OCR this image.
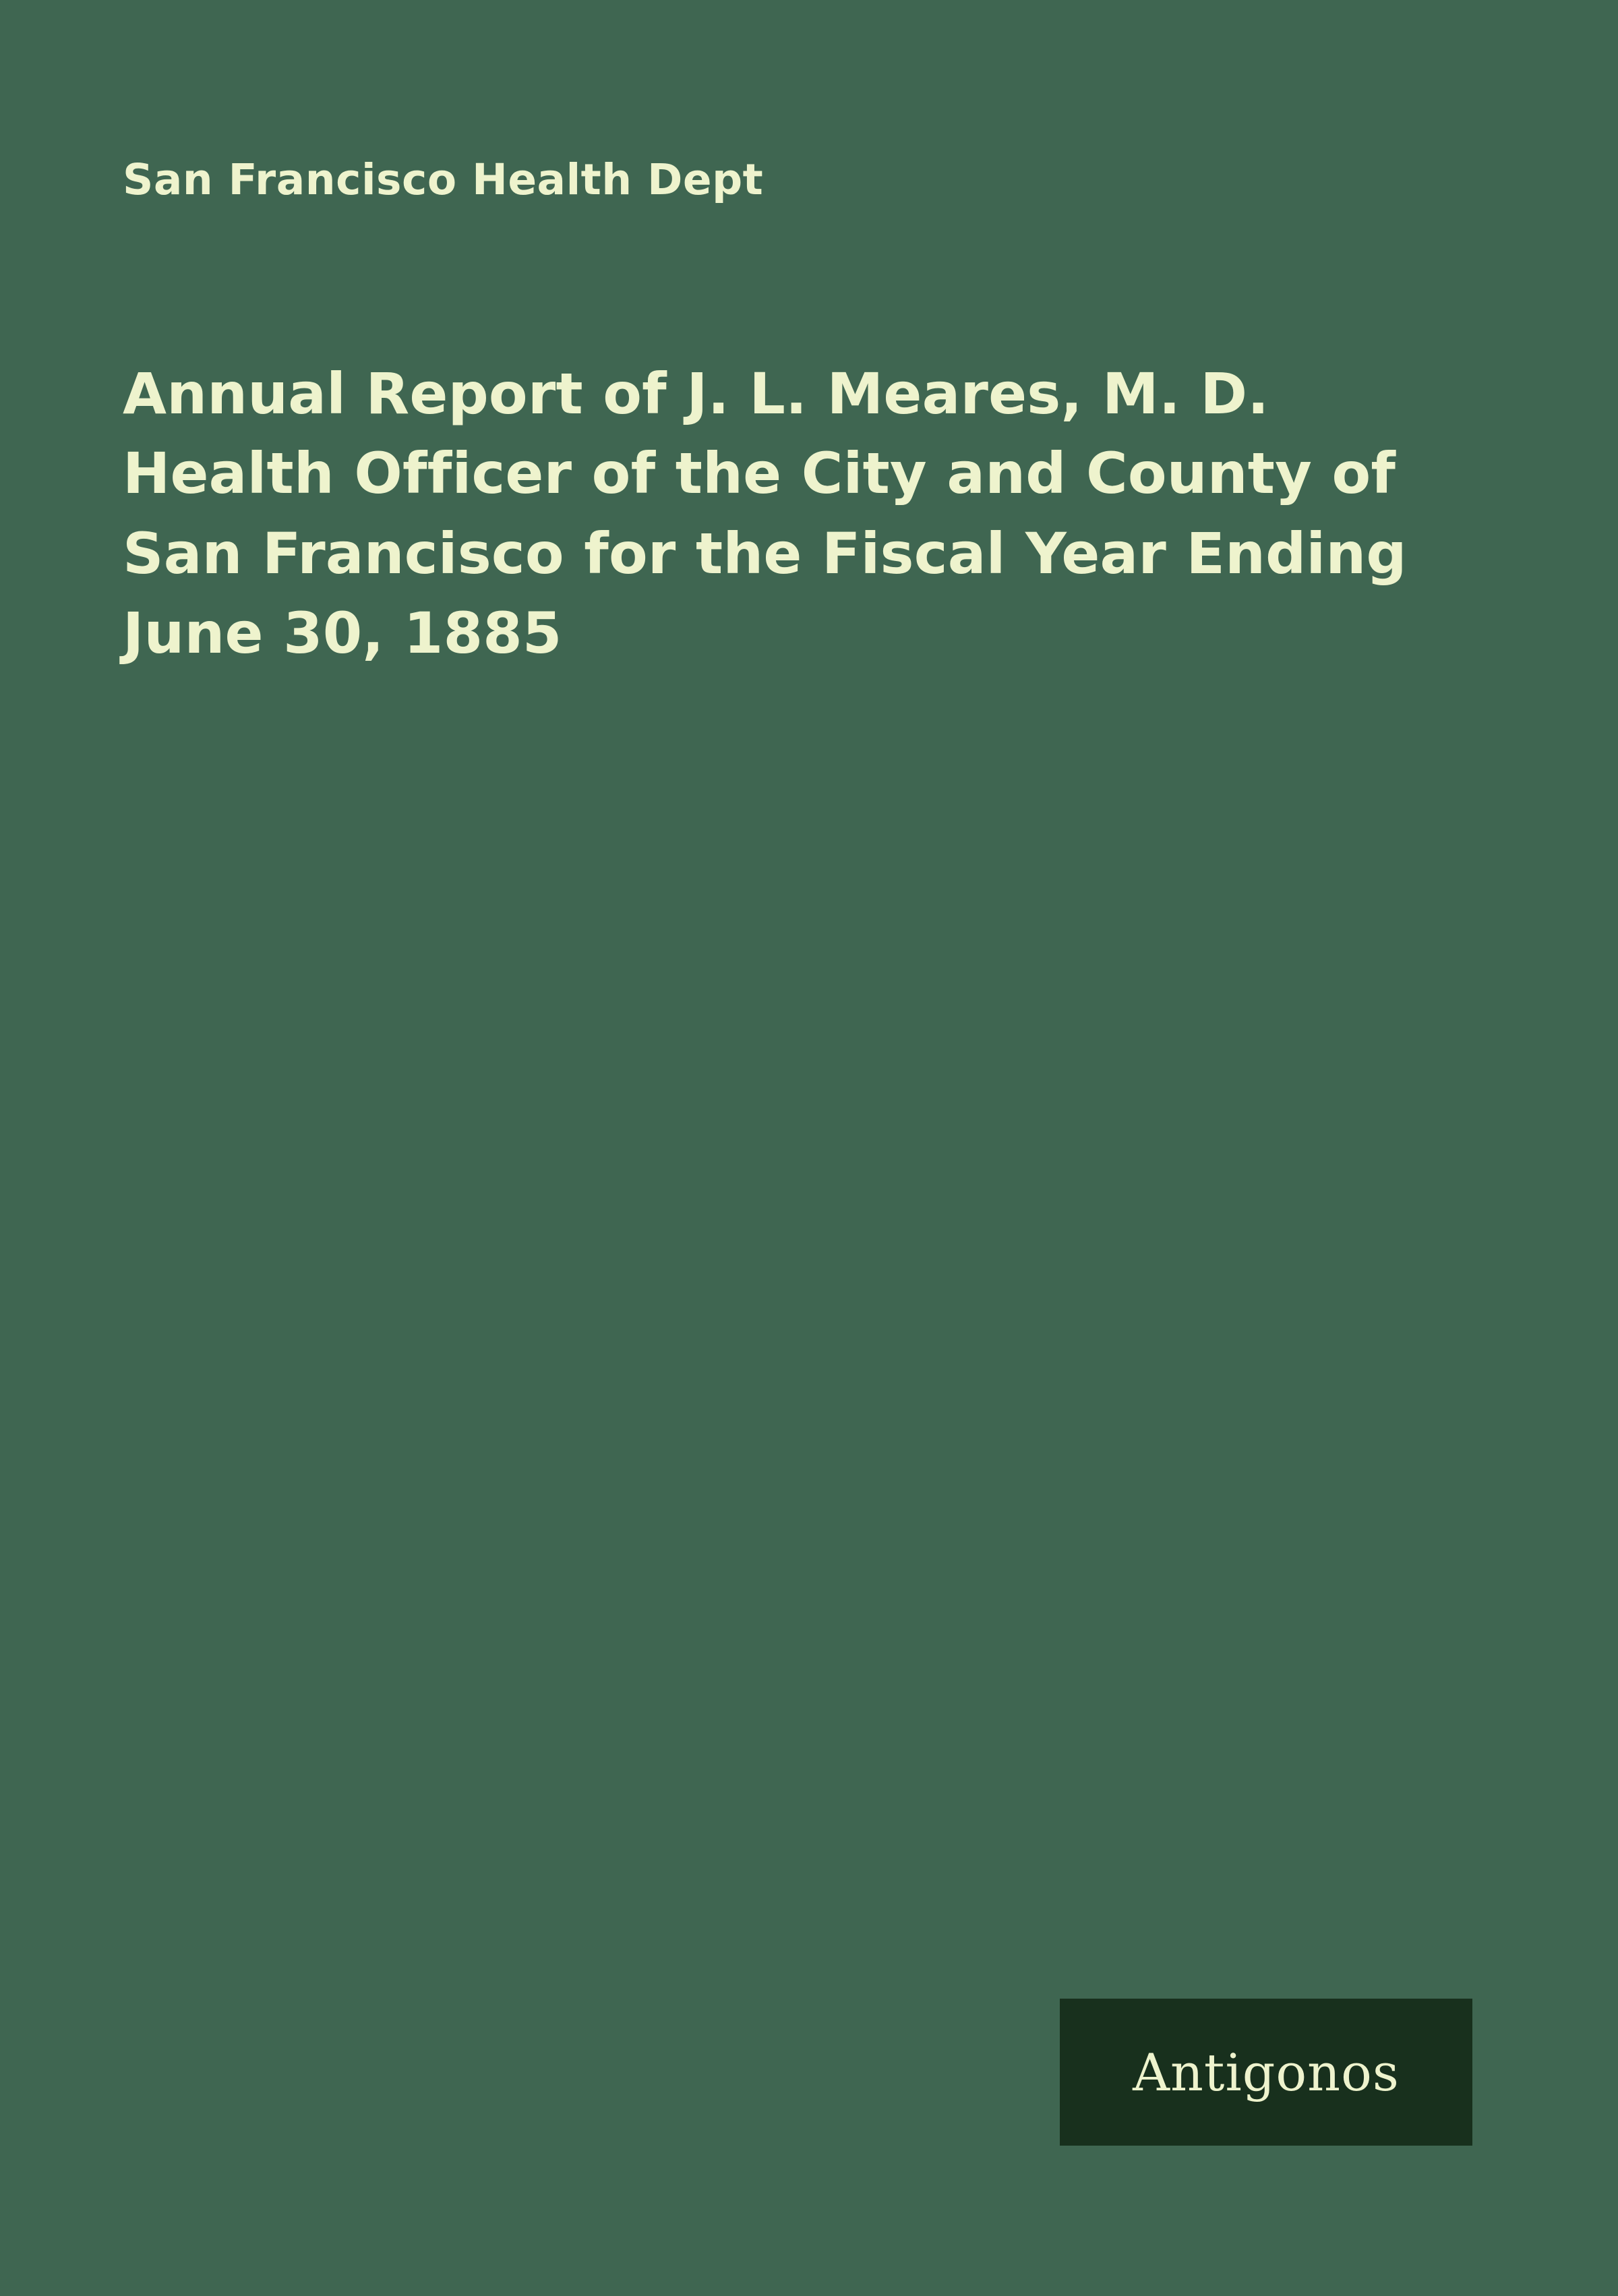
San Francisco Health Dept
Annual Report of J. L. Meares, M. D. Health Officer of the City and County of San Francisco for the Fiscal Year Ending June 30, 1885
Antigonos
